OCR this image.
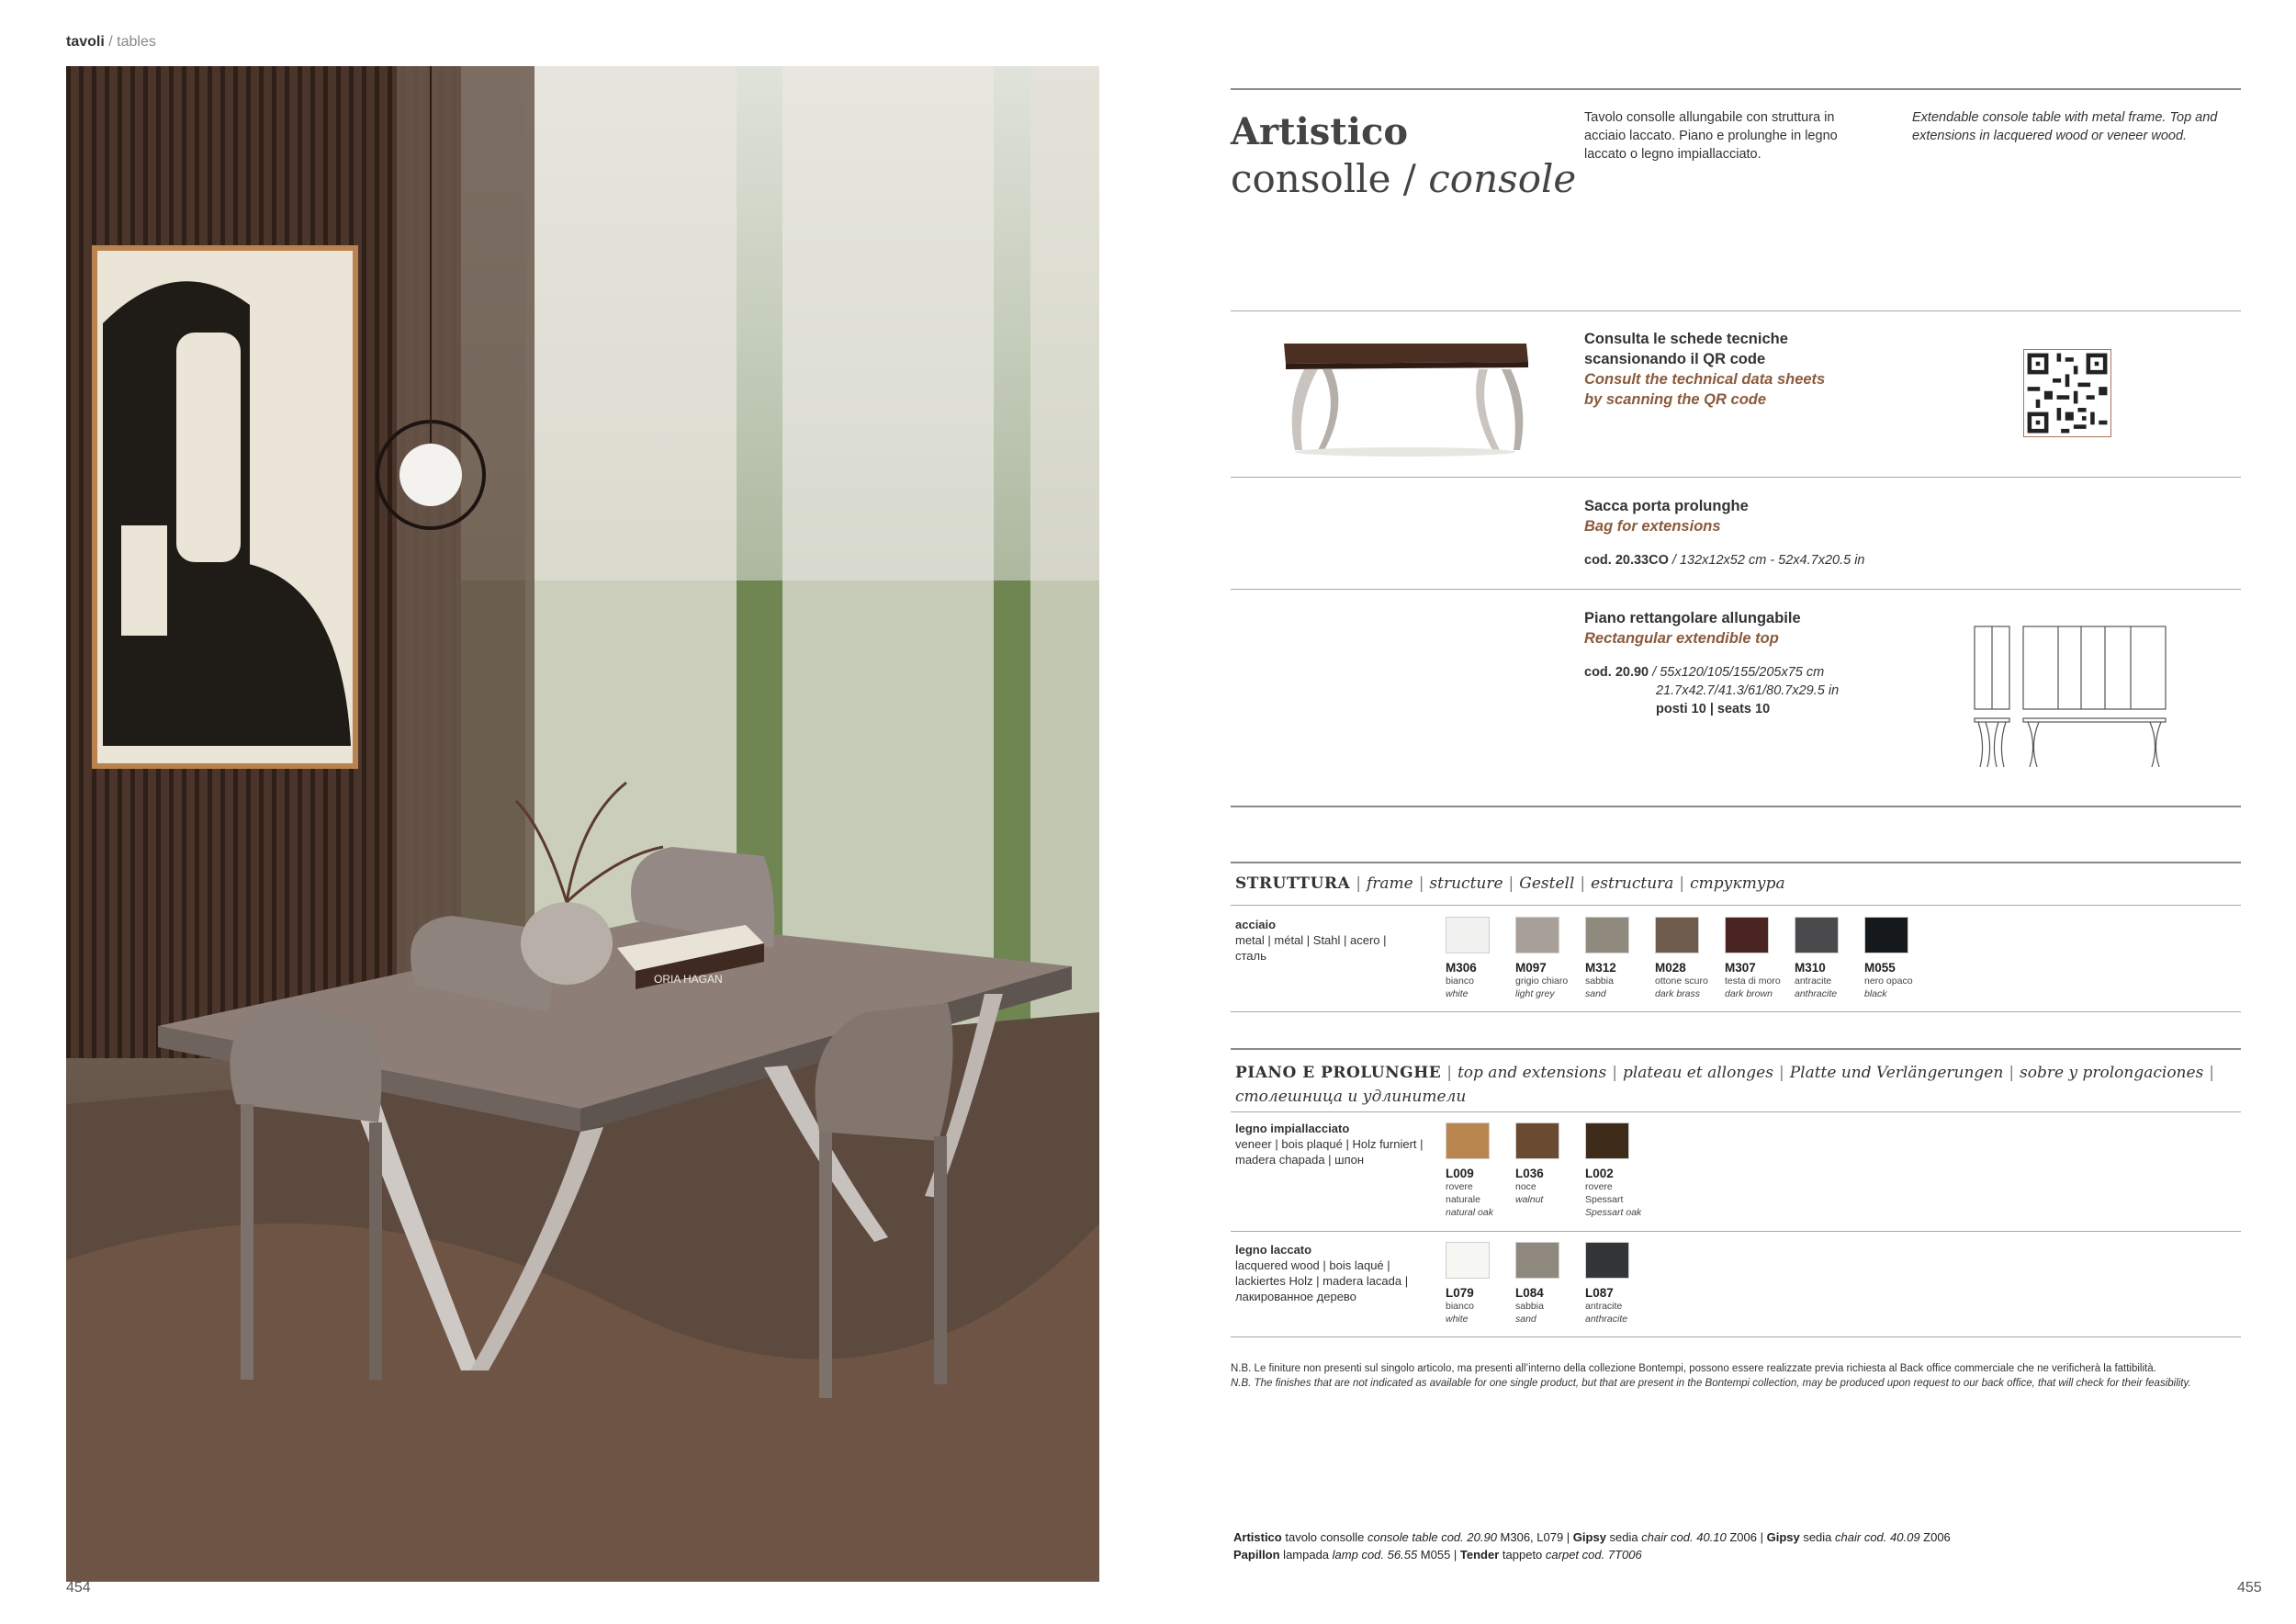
tavoli / tables
ORIA HAGAN
Artistico
consolle / console
Tavolo consolle allungabile con struttura in acciaio laccato. Piano e prolunghe in legno laccato o legno impiallacciato.
Extendable console table with metal frame. Top and extensions in lacquered wood or veneer wood.
Consulta le schede tecniche
scansionando il QR code
Consult the technical data sheets
by scanning the QR code
Sacca porta prolunghe
Bag for extensions
cod. 20.33CO / 132x12x52 cm - 52x4.7x20.5 in
Piano rettangolare allungabile
Rectangular extendible top
cod. 20.90 / 55x120/105/155/205x75 cm
21.7x42.7/41.3/61/80.7x29.5 in
posti 10 | seats 10
STRUTTURA | frame | structure | Gestell | estructura | структура
acciaio
metal | métal | Stahl | acero | сталь
M306
bianco
white
M097
grigio chiaro
light grey
M312
sabbia
sand
M028
ottone scuro
dark brass
M307
testa di moro
dark brown
M310
antracite
anthracite
M055
nero opaco
black
PIANO E PROLUNGHE | top and extensions | plateau et allonges | Platte und Verlängerungen | sobre y prolongaciones |
столешница и удлинители
legno impiallacciato
veneer | bois plaqué | Holz furniert | madera chapada | шпон
L009
rovere
naturale
natural oak
L036
noce
walnut
L002
rovere
Spessart
Spessart oak
legno laccato
lacquered wood | bois laqué | lackiertes Holz | madera lacada | лакированное дерево	L079
bianco
white
L084
sabbia
sand
L087
antracite
anthracite
N.B. Le finiture non presenti sul singolo articolo, ma presenti all’interno della collezione Bontempi, possono essere realizzate previa richiesta al Back office commerciale che ne verificherà la fattibilità.
N.B. The finishes that are not indicated as available for one single product, but that are present in the Bontempi collection, may be produced upon request to our back office, that will check for their feasibility.
Artistico tavolo consolle console table cod. 20.90 M306, L079 | Gipsy sedia chair cod. 40.10 Z006 | Gipsy sedia chair cod. 40.09 Z006
Papillon lampada lamp cod. 56.55 M055 | Tender tappeto carpet cod. 7T006
454	455
